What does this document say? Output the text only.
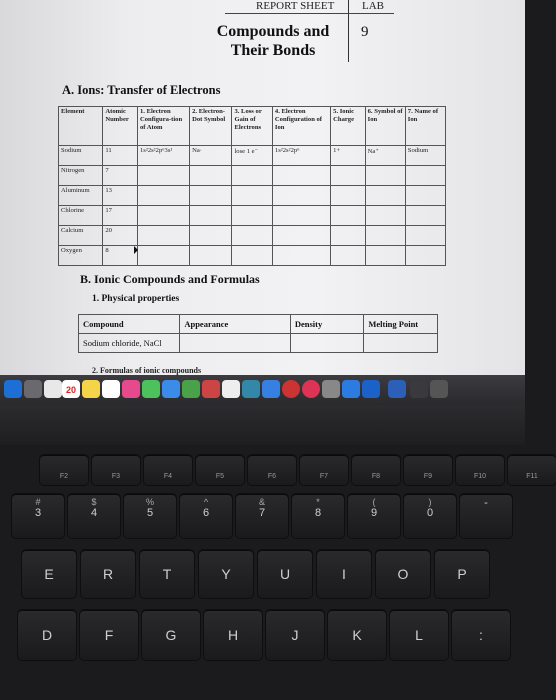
REPORT SHEET	LAB
Compounds and
Their Bonds
9
A. Ions: Transfer of Electrons
Element	Atomic Number	1. Electron Configura-tion of Atom	2. Electron-Dot Symbol	3. Loss or Gain of Electrons	4. Electron Configuration of Ion	5. Ionic Charge	6. Symbol of Ion	7. Name of Ion
Sodium	11	1s²2s²2p⁶3s¹	Na·	lose 1 e⁻	1s²2s²2p⁶	1+	Na⁺	Sodium
Nitrogen	7							
Aluminum	13							
Chlorine	17							
Calcium	20							
Oxygen	8							
B. Ionic Compounds and Formulas
1. Physical properties
Compound	Appearance	Density	Melting Point
Sodium chloride, NaCl			
2. Formulas of ionic compounds
20
F2	F3	F4	F5	F6	F7	F8	F9	F10	F11
#
3
$
4
%
5
^
6
&
7
*
8
(
9
)
0
-
E	R	T	Y	U	I	O	P
D	F	G	H	J	K	L	:
